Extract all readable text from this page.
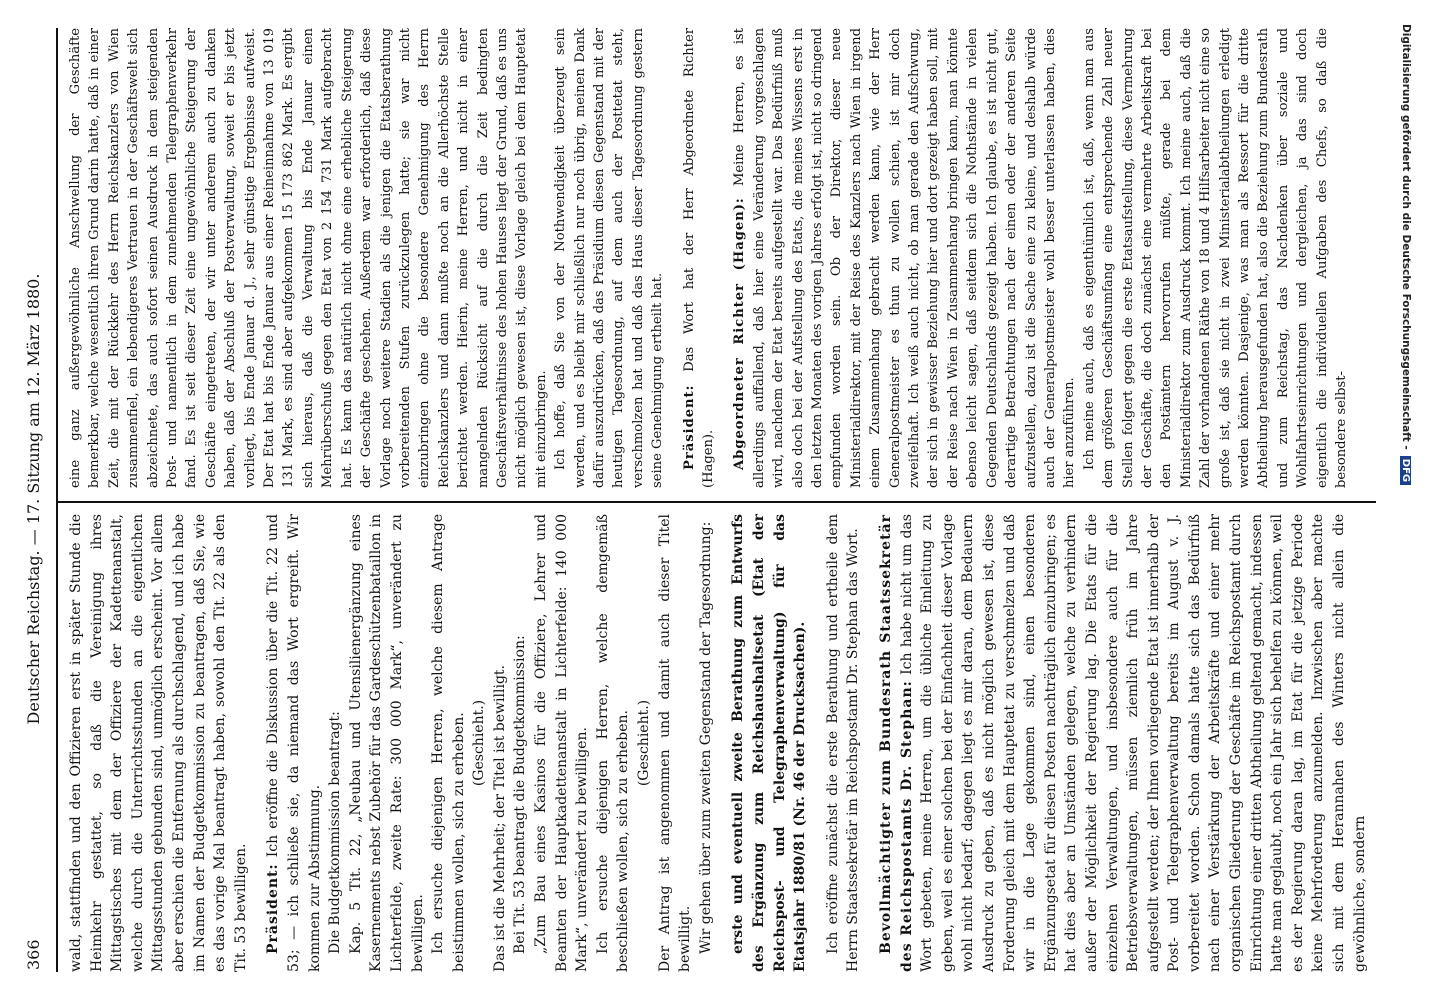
366
Deutscher Reichstag. — 17. Sitzung am 12. März 1880.

wald, stattfinden und den Offizieren erst in später Stunde die Heimkehr gestattet, so daß die Vereinigung ihres Mittagstisches mit dem der Offiziere der Kadettenanstalt, welche durch die Unterrichtsstunden an die eigentlichen Mittagsstunden gebunden sind, unmöglich erscheint. Vor allem aber erschien die Entfernung als durchschlagend, und ich habe im Namen der Budgetkommission zu beantragen, daß Sie, wie es das vorige Mal beantragt haben, sowohl den Tit. 22 als den Tit. 53 bewilligen. Präsident: Ich eröffne die Diskussion über die Tit. 22 und 53; — ich schließe sie, da niemand das Wort ergreift. Wir kommen zur Abstimmung. Die Budgetkommission beantragt: Kap. 5 Tit. 22, „Neubau und Utensilienergänzung eines Kasernements nebst Zubehör für das Gardeschützenbataillon in Lichterfelde, zweite Rate: 300 000 Mark“, unverändert zu bewilligen. Ich ersuche diejenigen Herren, welche diesem Antrage beistimmen wollen, sich zu erheben. (Geschieht.) Das ist die Mehrheit; der Titel ist bewilligt. Bei Tit. 53 beantragt die Budgetkommission: „Zum Bau eines Kasinos für die Offiziere, Lehrer und Beamten der Hauptkadettenanstalt in Lichterfelde: 140 000 Mark“, unverändert zu bewilligen. Ich ersuche diejenigen Herren, welche demgemäß beschließen wollen, sich zu erheben. (Geschieht.) Der Antrag ist angenommen und damit auch dieser Titel bewilligt. Wir gehen über zum zweiten Gegenstand der Tagesordnung: erste und eventuell zweite Berathung zum Entwurfs des Ergänzung zum Reichshaushaltsetat (Etat der Reichspost- und Telegraphenverwaltung) für das Etatsjahr 1880/81 (Nr. 46 der Drucksachen). Ich eröffne zunächst die erste Berathung und ertheile dem Herrn Staatssekretär im Reichspostamt Dr. Stephan das Wort. Bevollmächtigter zum Bundesrath Staatssekretär des Reichspostamts Dr. Stephan: Ich habe nicht um das Wort gebeten, meine Herren, um die übliche Einleitung zu geben, weil es einer solchen bei der Einfachheit dieser Vorlage wohl nicht bedarf; dagegen liegt es mir daran, dem Bedauern Ausdruck zu geben, daß es nicht möglich gewesen ist, diese Forderung gleich mit dem Hauptetat zu verschmelzen und daß wir in die Lage gekommen sind, einen besonderen Ergänzungsetat für diesen Posten nachträglich einzubringen; es hat dies aber an Umständen gelegen, welche zu verhindern außer der Möglichkeit der Regierung lag. Die Etats für die einzelnen Verwaltungen, und insbesondere auch für die Betriebsverwaltungen, müssen ziemlich früh im Jahre aufgestellt werden; der Ihnen vorliegende Etat ist innerhalb der Post- und Telegraphenverwaltung bereits im August v. J. vorbereitet worden. Schon damals hatte sich das Bedürfniß nach einer Verstärkung der Arbeitskräfte und einer mehr organischen Gliederung der Geschäfte im Reichspostamt durch Einrichtung einer dritten Abtheilung geltend gemacht, indessen hatte man geglaubt, noch ein Jahr sich behelfen zu können, weil es der Regierung daran lag, im Etat für die jetzige Periode keine Mehrforderung anzumelden. Inzwischen aber machte sich mit dem Herannahen des Winters nicht allein die gewöhnliche, sondern

eine ganz außergewöhnliche Anschwellung der Geschäfte bemerkbar, welche wesentlich ihren Grund darin hatte, daß in einer Zeit, die mit der Rückkehr des Herrn Reichskanzlers von Wien zusammenfiel, ein lebendigeres Vertrauen in der Geschäftswelt sich abzeichnete, das auch sofort seinen Ausdruck in dem steigenden Post- und namentlich in dem zunehmenden Telegraphenverkehr fand. Es ist seit dieser Zeit eine ungewöhnliche Steigerung der Geschäfte eingetreten, der wir unter anderem auch zu danken haben, daß der Abschluß der Postverwaltung, soweit er bis jetzt vorliegt, bis Ende Januar d. J., sehr günstige Ergebnisse aufweist. Der Etat hat bis Ende Januar aus einer Reineinnahme von 13 019 131 Mark, es sind aber aufgekommen 15 173 862 Mark. Es ergibt sich hieraus, daß die Verwaltung bis Ende Januar einen Mehrüberschuß gegen den Etat von 2 154 731 Mark aufgebracht hat. Es kann das natürlich nicht ohne eine erhebliche Steigerung der Geschäfte geschehen. Außerdem war erforderlich, daß diese Vorlage noch weitere Stadien als die jenigen die Etatsberathung vorbereitenden Stufen zurückzulegen hatte; sie war nicht einzubringen ohne die besondere Genehmigung des Herrn Reichskanzlers und dann mußte noch an die Allerhöchste Stelle berichtet werden. Hierin, meine Herren, und nicht in einer mangelnden Rücksicht auf die durch die Zeit bedingten Geschäftsverhältnisse des hohen Hauses liegt der Grund, daß es uns nicht möglich gewesen ist, diese Vorlage gleich bei dem Hauptetat mit einzubringen. Ich hoffe, daß Sie von der Nothwendigkeit überzeugt sein werden, und es bleibt mir schließlich nur noch übrig, meinen Dank dafür auszudrücken, daß das Präsidium diesen Gegenstand mit der heutigen Tagesordnung, auf dem auch der Posttetat steht, verschmolzen hat und daß das Haus dieser Tagesordnung gestern seine Genehmigung ertheilt hat. Präsident: Das Wort hat der Herr Abgeordnete Richter (Hagen). Abgeordneter Richter (Hagen): Meine Herren, es ist allerdings auffallend, daß hier eine Veränderung vorgeschlagen wird, nachdem der Etat bereits aufgestellt war. Das Bedürfniß muß also doch bei der Aufstellung des Etats, die meines Wissens erst in den letzten Monaten des vorigen Jahres erfolgt ist, nicht so dringend empfunden worden sein. Ob der Direktor, dieser neue Ministerialdirektor, mit der Reise des Kanzlers nach Wien in irgend einem Zusammenhang gebracht werden kann, wie der Herr Generalpostmeister es thun zu wollen schien, ist mir doch zweifelhaft. Ich weiß auch nicht, ob man gerade den Aufschwung, der sich in gewisser Beziehung hier und dort gezeigt haben soll, mit der Reise nach Wien in Zusammenhang bringen kann, man könnte ebenso leicht sagen, daß seitdem sich die Nothstände in vielen Gegenden Deutschlands gezeigt haben. Ich glaube, es ist nicht gut, derartige Betrachtungen nach der einen oder der anderen Seite aufzustellen, dazu ist die Sache eine zu kleine, und deshalb würde auch der Generalpostmeister wohl besser unterlassen haben, dies hier anzuführen. Ich meine auch, daß es eigenthümlich ist, daß, wenn man aus dem größeren Geschäftsumfang eine entsprechende Zahl neuer Stellen folgert gegen die erste Etatsaufstellung, diese Vermehrung der Geschäfte, die doch zunächst eine vermehrte Arbeitskraft bei den Postämtern hervorrufen müßte, gerade bei dem Ministerialdirektor zum Ausdruck kommt. Ich meine auch, daß die Zahl der vorhandenen Räthe von 18 und 4 Hilfsarbeiter nicht eine so große ist, daß sie nicht in zwei Ministerialabtheilungen erledigt werden könnten. Dasjenige, was man als Ressort für die dritte Abtheilung herausgefunden hat, also die Beziehung zum Bundesrath und zum Reichstag, das Nachdenken über soziale und Wohlfahrtseinrichtungen und dergleichen, ja das sind doch eigentlich die individuellen Aufgaben des Chefs, so daß die besondere selbst-	Digitalisierung gefördert durch die Deutsche Forschungsgemeinschaft -DFG
